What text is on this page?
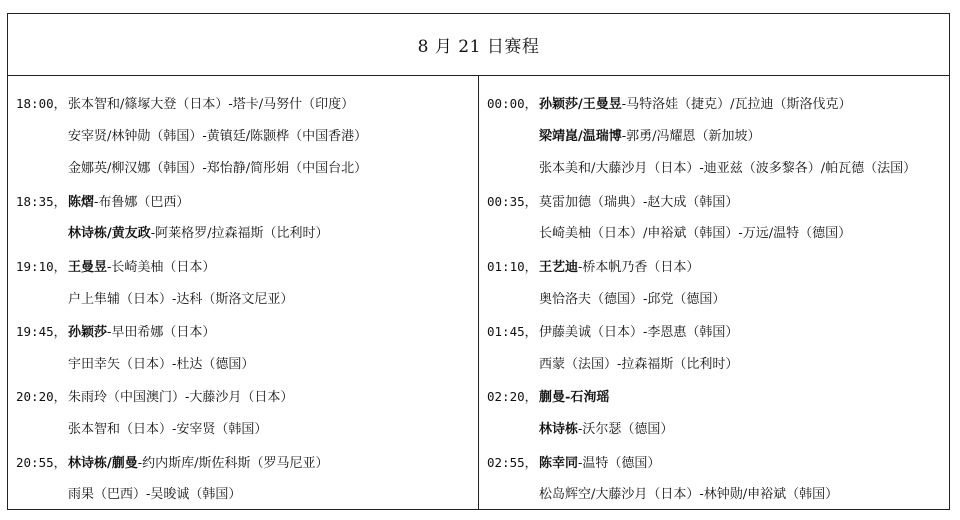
8 月 21 日赛程
18:00， 张本智和/篠塚大登（日本）-塔卡/马努什（印度）
安宰贤/林钟勋（韩国）-黄镇廷/陈颢桦（中国香港）
金娜英/柳汉娜（韩国）-郑怡静/简彤娟（中国台北）
18:35， 陈熠-布鲁娜（巴西）
林诗栋/黄友政-阿莱格罗/拉森福斯（比利时）
19:10， 王曼昱-长崎美柚（日本）
户上隼辅（日本）-达科（斯洛文尼亚）
19:45， 孙颖莎-早田希娜（日本）
宇田幸矢（日本）-杜达（德国）
20:20， 朱雨玲（中国澳门）-大藤沙月（日本）
张本智和（日本）-安宰贤（韩国）
20:55， 林诗栋/蒯曼-约内斯库/斯佐科斯（罗马尼亚）
雨果（巴西）-吴晙诚（韩国）
00:00， 孙颖莎/王曼昱-马特洛娃（捷克）/瓦拉迪（斯洛伐克）
梁靖崑/温瑞博-郭勇/冯耀恩（新加坡）
张本美和/大藤沙月（日本）-迪亚兹（波多黎各）/帕瓦德（法国）
00:35， 莫雷加德（瑞典）-赵大成（韩国）
长崎美柚（日本）/申裕斌（韩国）-万远/温特（德国）
01:10， 王艺迪-桥本帆乃香（日本）
奥恰洛夫（德国）-邱党（德国）
01:45， 伊藤美诚（日本）-李恩惠（韩国）
西蒙（法国）-拉森福斯（比利时）
02:20， 蒯曼-石洵瑶
林诗栋-沃尔瑟（德国）
02:55， 陈幸同-温特（德国）
松岛辉空/大藤沙月（日本）-林钟勋/申裕斌（韩国）
